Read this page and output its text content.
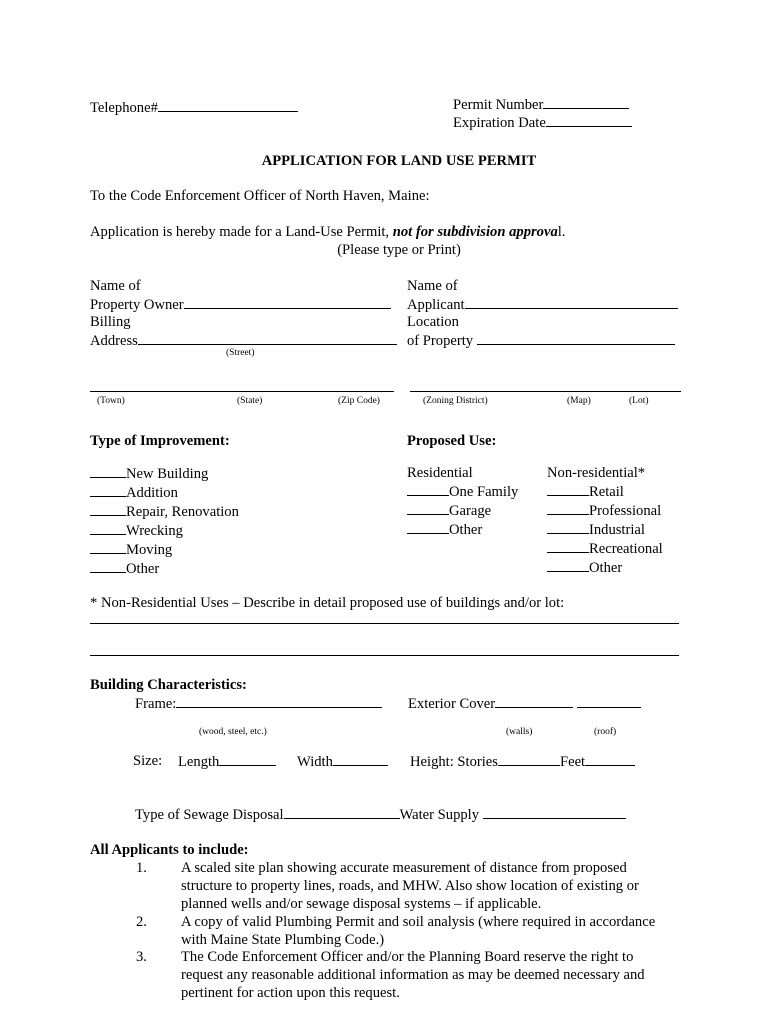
Telephone#	Permit Number
Expiration Date
APPLICATION FOR LAND USE PERMIT
To the Code Enforcement Officer of North Haven, Maine:
Application is hereby made for a Land-Use Permit, not for subdivision approval.
(Please type or Print)
Name of
Property Owner
Billing
Address
(Street)
(Town)	(State)	(Zip Code)
Name of
Applicant
Location
of Property
(Zoning District)	(Map)	(Lot)
Type of Improvement:
New Building
Addition
Repair, Renovation
Wrecking
Moving
Other
Proposed Use:
Residential
One Family
Garage
Other
Non-residential*
Retail
Professional
Industrial
Recreational
Other
* Non-Residential Uses – Describe in detail proposed use of buildings and/or lot:
Building Characteristics:
Frame:
(wood, steel, etc.)
Exterior Cover
(walls)	(roof)
Size: Length	Width	Height: Stories	Feet
Type of Sewage Disposal	Water Supply
All Applicants to include:
1. A scaled site plan showing accurate measurement of distance from proposed
structure to property lines, roads, and MHW. Also show location of existing or
planned wells and/or sewage disposal systems – if applicable.
2. A copy of valid Plumbing Permit and soil analysis (where required in accordance
with Maine State Plumbing Code.)
3. The Code Enforcement Officer and/or the Planning Board reserve the right to
request any reasonable additional information as may be deemed necessary and
pertinent for action upon this request.
